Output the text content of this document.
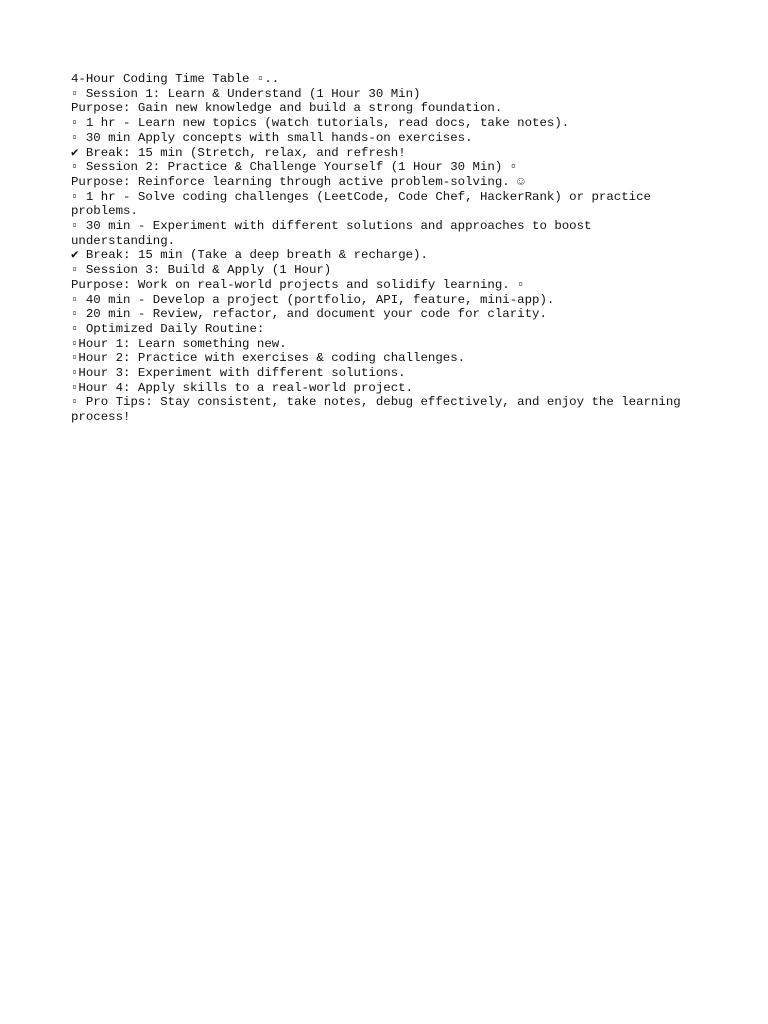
4-Hour Coding Time Table ▫..

▫ Session 1: Learn & Understand (1 Hour 30 Min)

Purpose: Gain new knowledge and build a strong foundation.

▫ 1 hr - Learn new topics (watch tutorials, read docs, take notes).

▫ 30 min Apply concepts with small hands-on exercises.

✔ Break: 15 min (Stretch, relax, and refresh!

▫ Session 2: Practice & Challenge Yourself (1 Hour 30 Min) ▫

Purpose: Reinforce learning through active problem-solving. ☺

▫ 1 hr - Solve coding challenges (LeetCode, Code Chef, HackerRank) or practice problems.

▫ 30 min - Experiment with different solutions and approaches to boost understanding.

✔ Break: 15 min (Take a deep breath & recharge).

▫ Session 3: Build & Apply (1 Hour)

Purpose: Work on real-world projects and solidify learning. ▫

▫ 40 min - Develop a project (portfolio, API, feature, mini-app).

▫ 20 min - Review, refactor, and document your code for clarity.

▫ Optimized Daily Routine:

▫Hour 1: Learn something new.

▫Hour 2: Practice with exercises & coding challenges.

▫Hour 3: Experiment with different solutions.

▫Hour 4: Apply skills to a real-world project.

▫ Pro Tips: Stay consistent, take notes, debug effectively, and enjoy the learning process!
